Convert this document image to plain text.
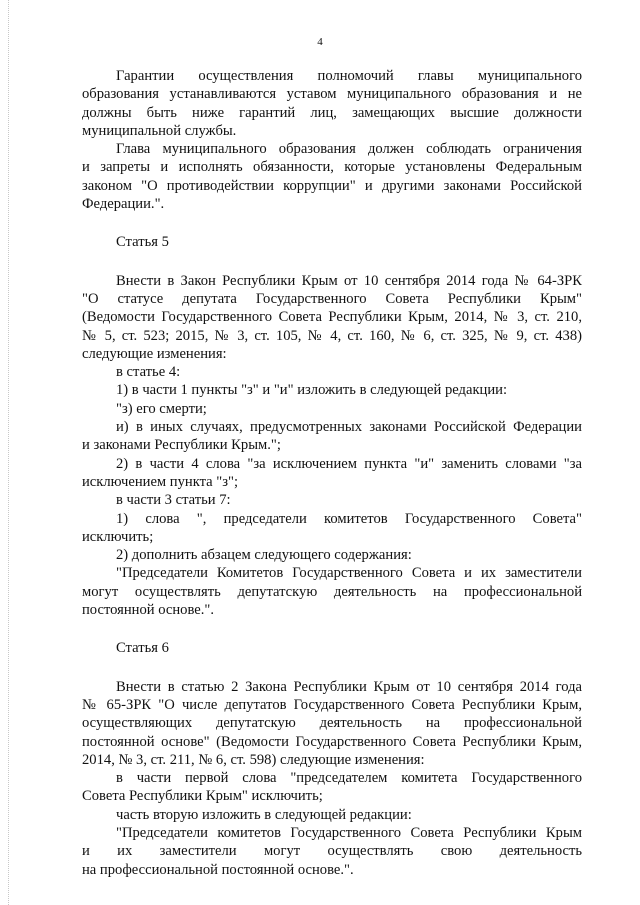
4

Гарантии осуществления полномочий главы муниципального

образования устанавливаются уставом муниципального образования и не

должны быть ниже гарантий лиц, замещающих высшие должности

муниципальной службы.

Глава муниципального образования должен соблюдать ограничения

и запреты и исполнять обязанности, которые установлены Федеральным

законом "О противодействии коррупции" и другими законами Российской

Федерации.".

Статья 5

Внести в Закон Республики Крым от 10 сентября 2014 года № 64-ЗРК

"О статусе депутата Государственного Совета Республики Крым"

(Ведомости Государственного Совета Республики Крым, 2014, № 3, ст. 210,

№ 5, ст. 523; 2015, № 3, ст. 105, № 4, ст. 160, № 6, ст. 325, № 9, ст. 438)

следующие изменения:

в статье 4:

1) в части 1 пункты "з" и "и" изложить в следующей редакции:

"з) его смерти;

и) в иных случаях, предусмотренных законами Российской Федерации

и законами Республики Крым.";

2) в части 4 слова "за исключением пункта "и" заменить словами "за

исключением пункта "з";

в части 3 статьи 7:

1) слова ", председатели комитетов Государственного Совета"

исключить;

2) дополнить абзацем следующего содержания:

"Председатели Комитетов Государственного Совета и их заместители

могут осуществлять депутатскую деятельность на профессиональной

постоянной основе.".

Статья 6

Внести в статью 2 Закона Республики Крым от 10 сентября 2014 года

№ 65-ЗРК "О числе депутатов Государственного Совета Республики Крым,

осуществляющих депутатскую деятельность на профессиональной

постоянной основе" (Ведомости Государственного Совета Республики Крым,

2014, № 3, ст. 211, № 6, ст. 598) следующие изменения:

в части первой слова "председателем комитета Государственного

Совета Республики Крым" исключить;

часть вторую изложить в следующей редакции:

"Председатели комитетов Государственного Совета Республики Крым

и их заместители могут осуществлять свою деятельность

на профессиональной постоянной основе.".
